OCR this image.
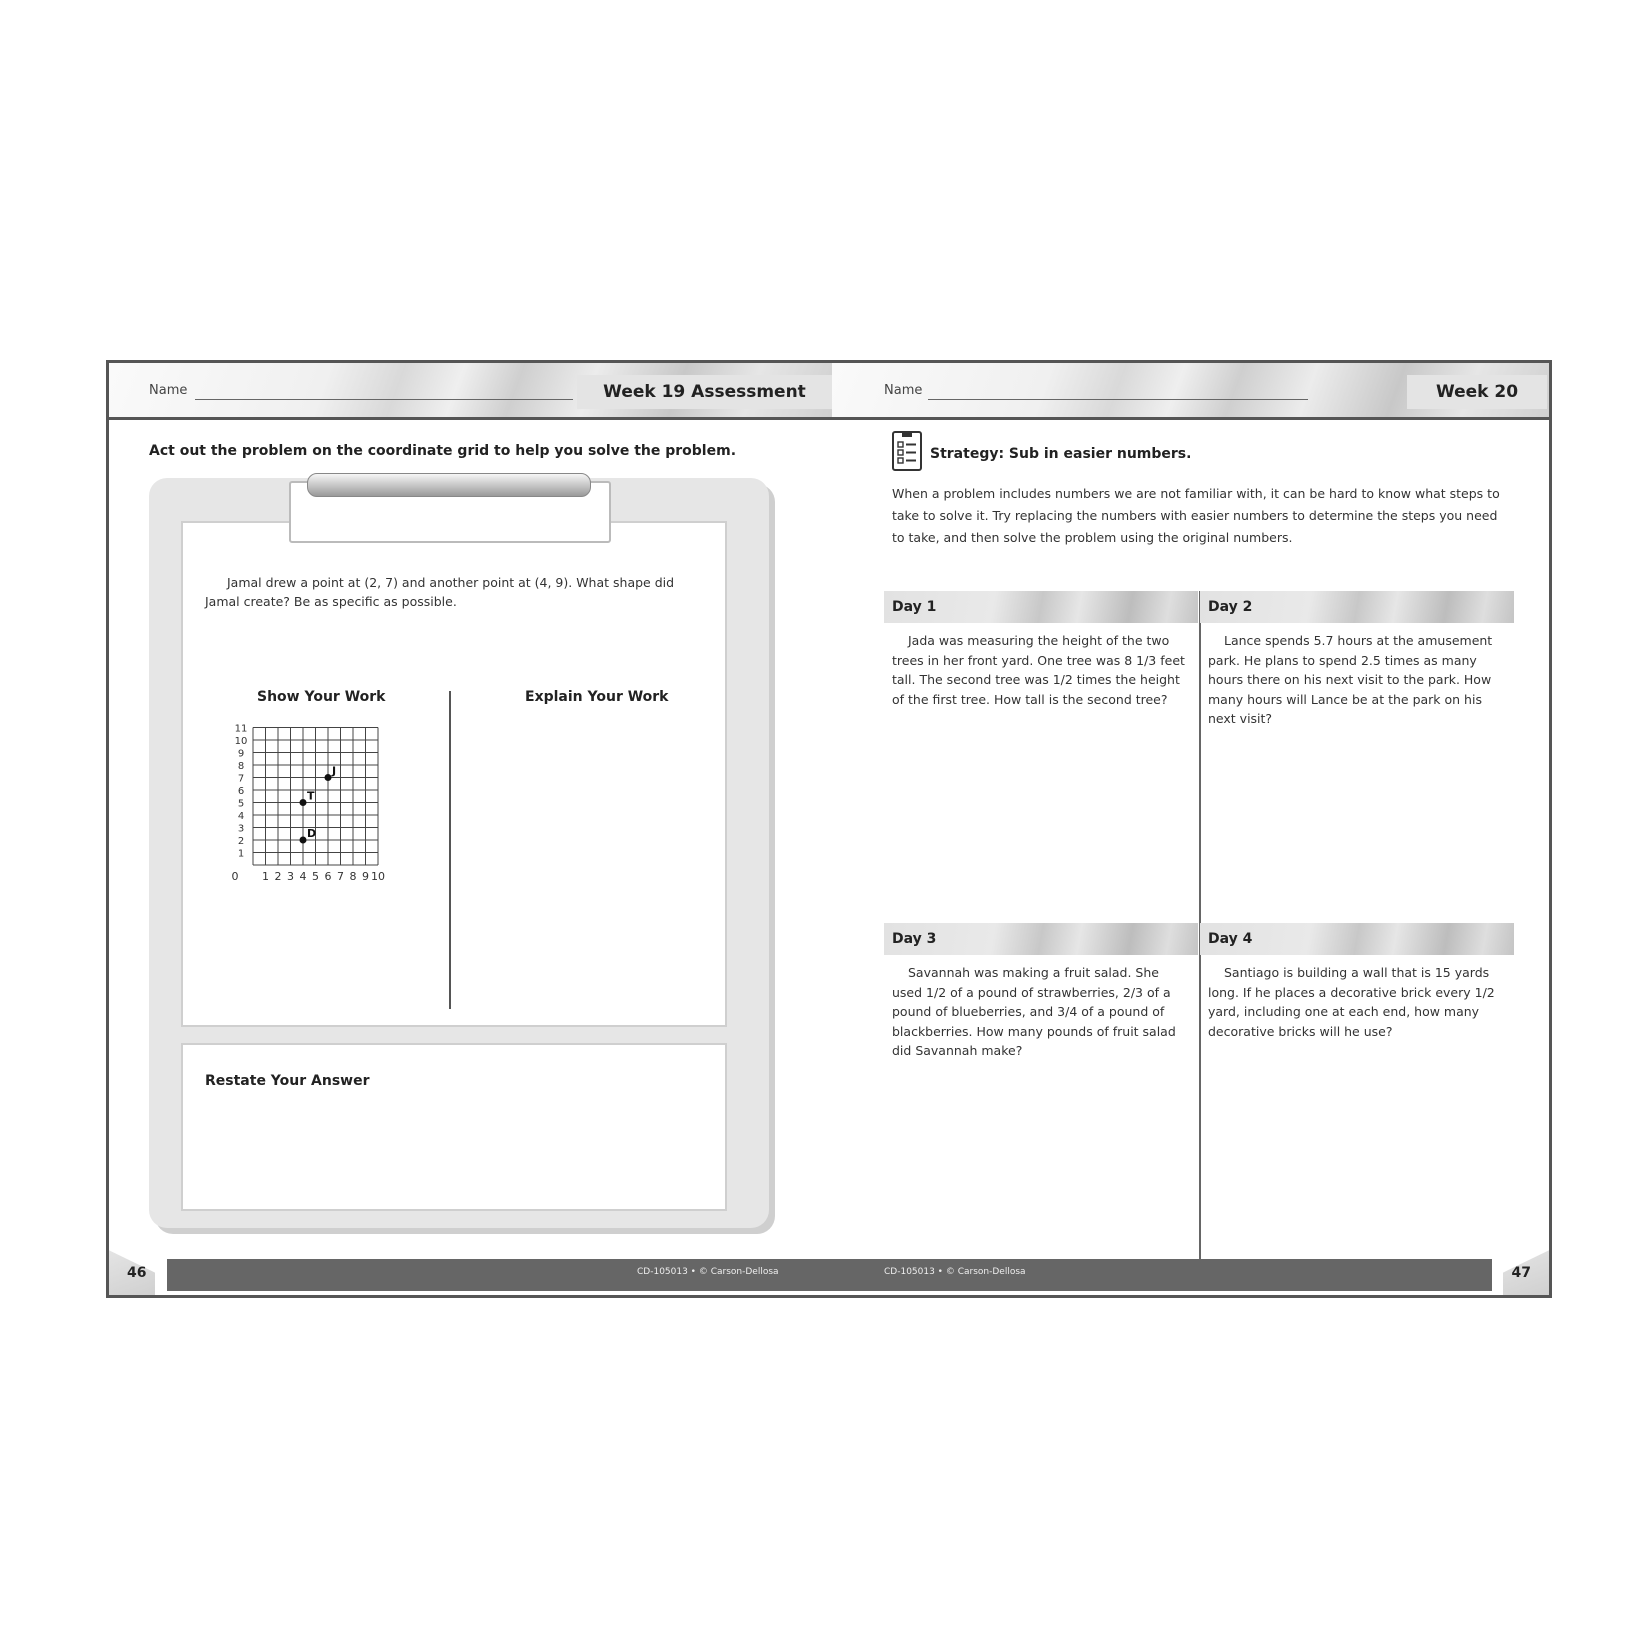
Name	Week 19 Assessment
Act out the problem on the coordinate grid to help you solve the problem.
Jamal drew a point at (2, 7) and another point at (4, 9). What shape did Jamal create? Be as specific as possible.
Show Your Work	Explain Your Work
0 1 2 3 4 5 6 7 8 9 10
1
2
3
4
5
6
7
8
9
10
11
J
T
D
Restate Your Answer
46	CD-105013 • © Carson-Dellosa
Name	Week 20
Strategy: Sub in easier numbers.
When a problem includes numbers we are not familiar with, it can be hard to know what steps to take to solve it. Try replacing the numbers with easier numbers to determine the steps you need to take, and then solve the problem using the original numbers.
Day 1
Jada was measuring the height of the two trees in her front yard. One tree was 8 1/3 feet tall. The second tree was 1/2 times the height of the first tree. How tall is the second tree?
Day 2
Lance spends 5.7 hours at the amusement park. He plans to spend 2.5 times as many hours there on his next visit to the park. How many hours will Lance be at the park on his next visit?
Day 3
Savannah was making a fruit salad. She used 1/2 of a pound of strawberries, 2/3 of a pound of blueberries, and 3/4 of a pound of blackberries. How many pounds of fruit salad did Savannah make?
Day 4
Santiago is building a wall that is 15 yards long. If he places a decorative brick every 1/2 yard, including one at each end, how many decorative bricks will he use?
CD-105013 • © Carson-Dellosa	47
